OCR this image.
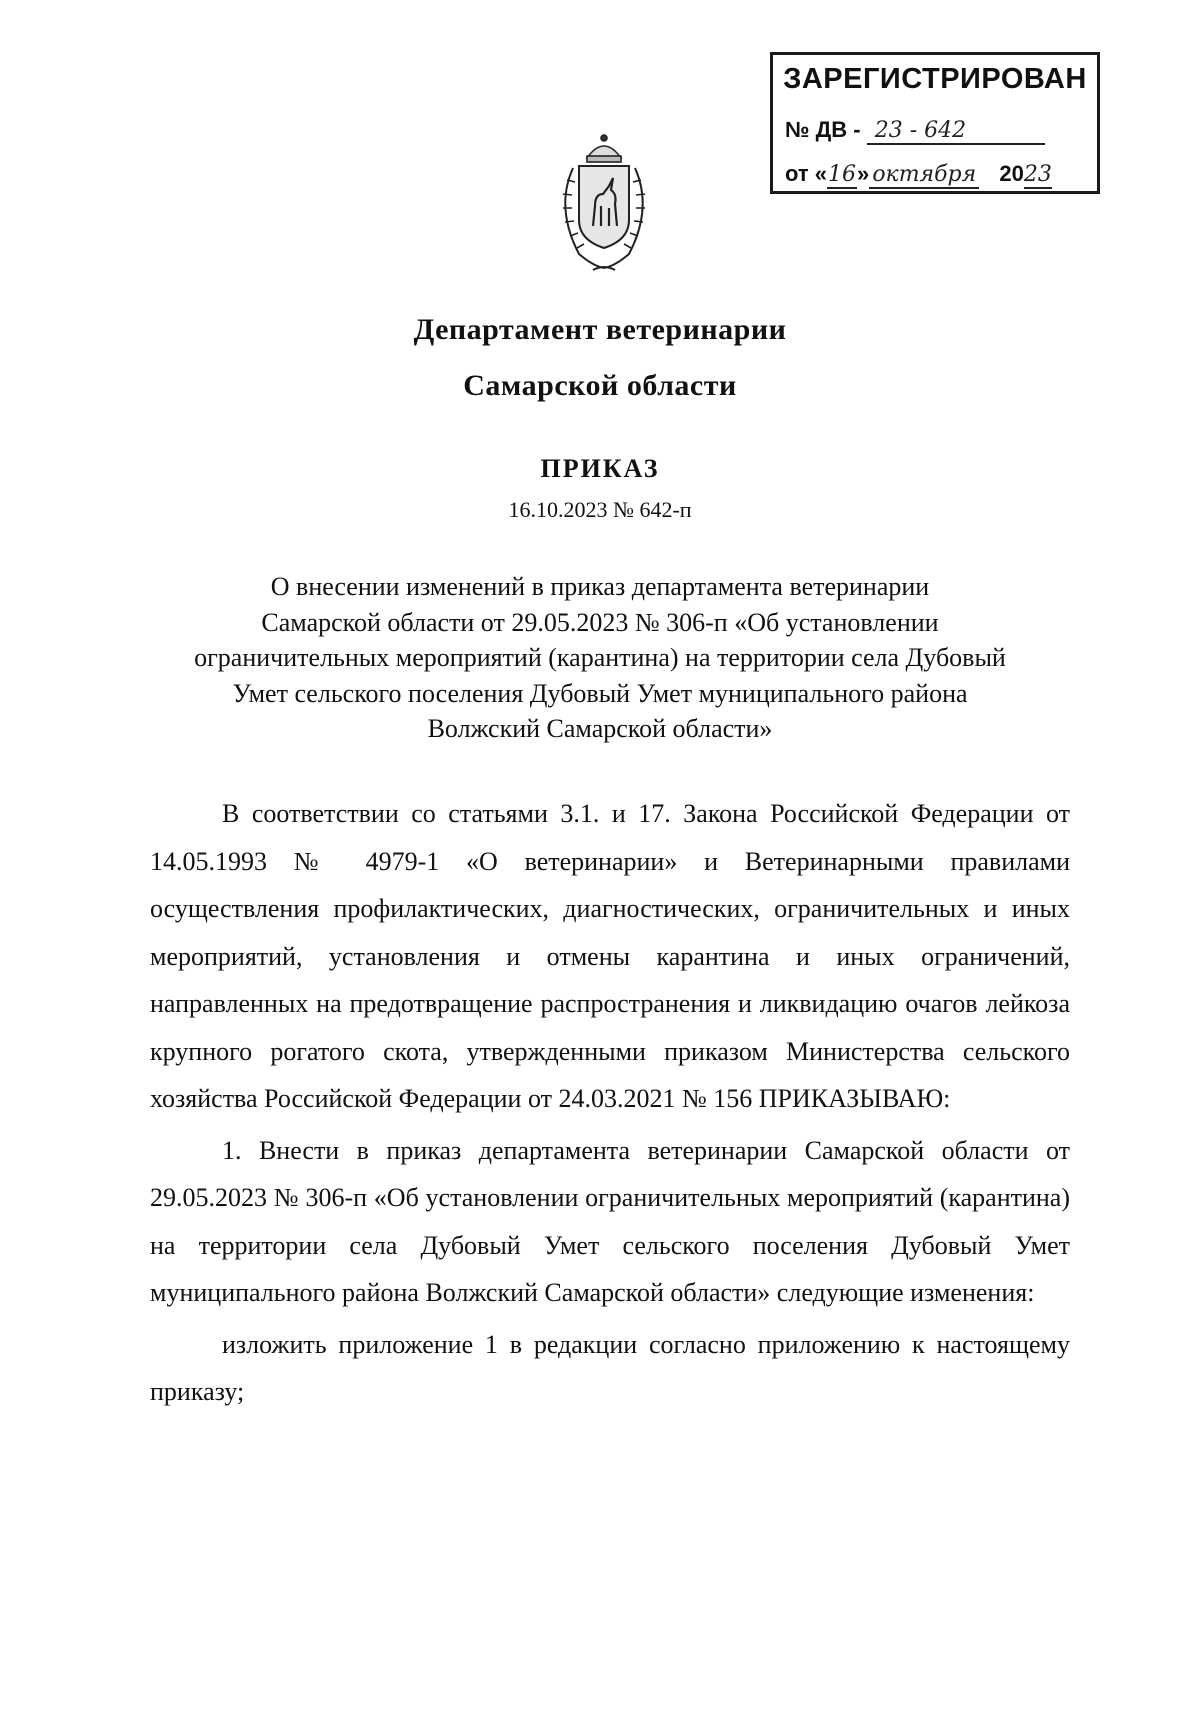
ЗАРЕГИСТРИРОВАН
№ ДВ - 23 - 642
от «16» октября 2023
Департамент ветеринарии
Самарской области
ПРИКАЗ
16.10.2023 № 642-п
О внесении изменений в приказ департамента ветеринарии
Самарской области от 29.05.2023 № 306-п «Об установлении
ограничительных мероприятий (карантина) на территории села Дубовый
Умет сельского поселения Дубовый Умет муниципального района
Волжский Самарской области»

В соответствии со статьями 3.1. и 17. Закона Российской Федерации от 14.05.1993 № 4979-1 «О ветеринарии» и Ветеринарными правилами осуществления профилактических, диагностических, ограничительных и иных мероприятий, установления и отмены карантина и иных ограничений, направленных на предотвращение распространения и ликвидацию очагов лейкоза крупного рогатого скота, утвержденными приказом Министерства сельского хозяйства Российской Федерации от 24.03.2021 № 156 ПРИКАЗЫВАЮ:

1. Внести в приказ департамента ветеринарии Самарской области от 29.05.2023 № 306-п «Об установлении ограничительных мероприятий (карантина) на территории села Дубовый Умет сельского поселения Дубовый Умет муниципального района Волжский Самарской области» следующие изменения:

изложить приложение 1 в редакции согласно приложению к настоящему приказу;
